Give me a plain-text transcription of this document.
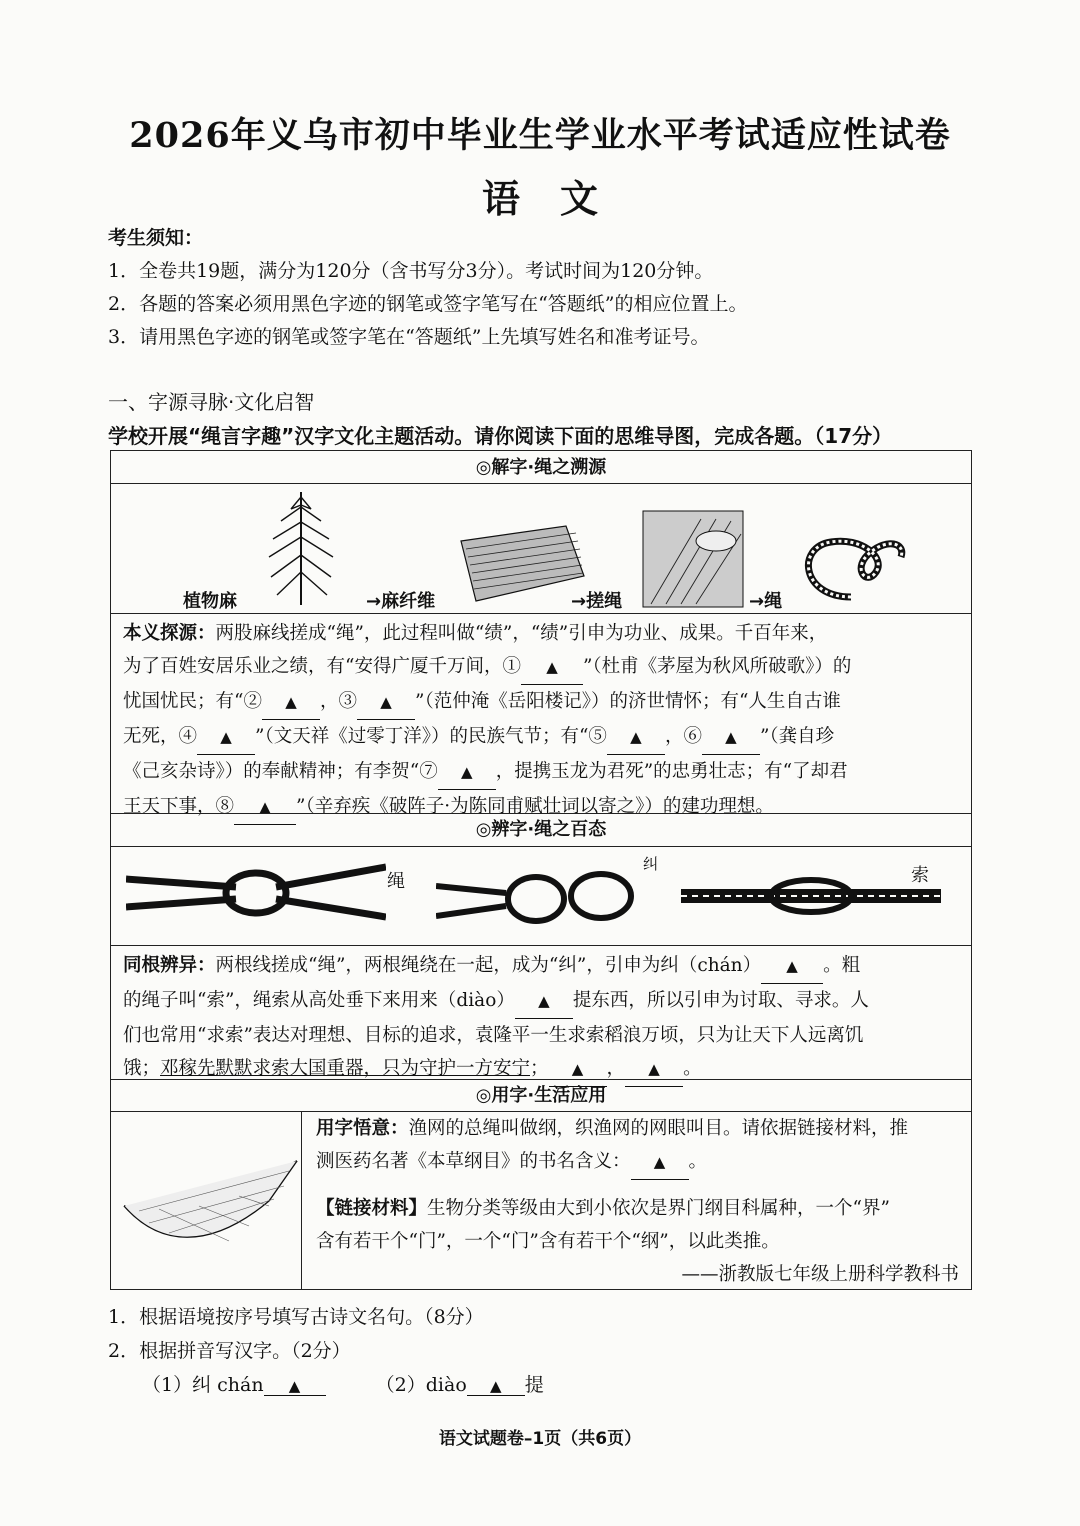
2026年义乌市初中毕业生学业水平考试适应性试卷
语文
考生须知：
1．全卷共19题，满分为120分（含书写分3分）。考试时间为120分钟。
2．各题的答案必须用黑色字迹的钢笔或签字笔写在“答题纸”的相应位置上。
3．请用黑色字迹的钢笔或签字笔在“答题纸”上先填写姓名和准考证号。
一、字源寻脉·文化启智
学校开展“绳言字趣”汉字文化主题活动。请你阅读下面的思维导图，完成各题。（17分）
◎解字·绳之溯源
植物麻	→麻纤维	→搓绳	→绳
本义探源：两股麻线搓成“绳”，此过程叫做“绩”，“绩”引申为功业、成果。千百年来，
为了百姓安居乐业之绩，有“安得广厦千万间，① ▲ ”（杜甫《茅屋为秋风所破歌》）的
忧国忧民；有“② ▲ ，③ ▲ ”（范仲淹《岳阳楼记》）的济世情怀；有“人生自古谁
无死，④ ▲ ”（文天祥《过零丁洋》）的民族气节；有“⑤ ▲ ，⑥ ▲ ”（龚自珍
《己亥杂诗》）的奉献精神；有李贺“⑦ ▲ ，提携玉龙为君死”的忠勇壮志；有“了却君
王天下事，⑧ ▲ ”（辛弃疾《破阵子·为陈同甫赋壮词以寄之》）的建功理想。
◎辨字·绳之百态
绳
纠
索
同根辨异：两根线搓成“绳”，两根绳绕在一起，成为“纠”，引申为纠（chán） ▲ 。粗
的绳子叫“索”，绳索从高处垂下来用来（diào） ▲ 提东西，所以引申为讨取、寻求。人
们也常用“求索”表达对理想、目标的追求，袁隆平一生求索稻浪万顷，只为让天下人远离饥
饿；邓稼先默默求索大国重器，只为守护一方安宁； ▲ ， ▲ 。
◎用字·生活应用
用字悟意：渔网的总绳叫做纲，织渔网的网眼叫目。请依据链接材料，推
测医药名著《本草纲目》的书名含义： ▲ 。

【链接材料】生物分类等级由大到小依次是界门纲目科属种，一个“界”
含有若干个“门”，一个“门”含有若干个“纲”，以此类推。

——浙教版七年级上册科学教科书
1．根据语境按序号填写古诗文名句。（8分）
2．根据拼音写汉字。（2分）
（1）纠 chán ▲	（2）diào ▲ 提
语文试题卷–1页（共6页）
